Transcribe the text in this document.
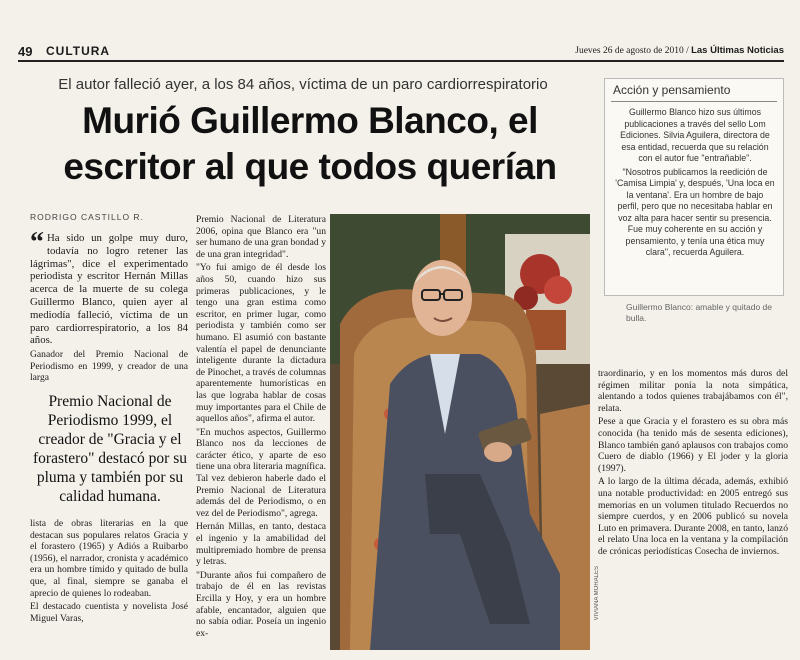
49 CULTURA	Jueves 26 de agosto de 2010 / Las Últimas Noticias
El autor falleció ayer, a los 84 años, víctima de un paro cardiorrespiratorio
Murió Guillermo Blanco, el escritor al que todos querían
Acción y pensamiento

Guillermo Blanco hizo sus últimos publicaciones a través del sello Lom Ediciones. Silvia Aguilera, directora de esa entidad, recuerda que su relación con el autor fue "entrañable".

"Nosotros publicamos la reedición de 'Camisa Limpia' y, después, 'Una loca en la ventana'. Era un hombre de bajo perfil, pero que no necesitaba hablar en voz alta para hacer sentir su presencia. Fue muy coherente en su acción y pensamiento, y tenía una ética muy clara", recuerda Aguilera.

RODRIGO CASTILLO R.

“ Ha sido un golpe muy duro, todavía no logro retener las lágrimas", dice el experimentado periodista y escritor Hernán Millas acerca de la muerte de su colega Guillermo Blanco, quien ayer al mediodía falleció, víctima de un paro cardiorrespiratorio, a los 84 años.

Ganador del Premio Nacional de Periodismo en 1999, y creador de una larga

Premio Nacional de Periodismo 1999, el creador de "Gracia y el forastero" destacó por su pluma y también por su calidad humana.

lista de obras literarias en la que destacan sus populares relatos Gracia y el forastero (1965) y Adiós a Ruibarbo (1956), el narrador, cronista y académico era un hombre tímido y quitado de bulla que, al final, siempre se ganaba el aprecio de quienes lo rodeaban.

El destacado cuentista y novelista José Miguel Varas,

Premio Nacional de Literatura 2006, opina que Blanco era "un ser humano de una gran bondad y de una gran integridad".

"Yo fui amigo de él desde los años 50, cuando hizo sus primeras publicaciones, y le tengo una gran estima como escritor, en primer lugar, como periodista y también como ser humano. El asumió con bastante valentía el papel de denunciante inteligente durante la dictadura de Pinochet, a través de columnas aparentemente humorísticas en las que lograba hablar de cosas muy importantes para el Chile de aquellos años", afirma el autor.

"En muchos aspectos, Guillermo Blanco nos da lecciones de carácter ético, y aparte de eso tiene una obra literaria magnífica. Tal vez debieron haberle dado el Premio Nacional de Literatura además del de Periodismo, o en vez del de Periodismo", agrega.

Hernán Millas, en tanto, destaca el ingenio y la amabilidad del multipremiado hombre de prensa y letras.

"Durante años fui compañero de trabajo de él en las revistas Ercilla y Hoy, y era un hombre afable, encantador, alguien que no sabía odiar. Poseía un ingenio ex-

VIVIANA MORALES
Guillermo Blanco: amable y quitado de bulla.

traordinario, y en los momentos más duros del régimen militar ponía la nota simpática, alentando a todos quienes trabajábamos con él", relata.

Pese a que Gracia y el forastero es su obra más conocida (ha tenido más de sesenta ediciones), Blanco también ganó aplausos con trabajos como Cuero de diablo (1966) y El joder y la gloria (1997).

A lo largo de la última década, además, exhibió una notable productividad: en 2005 entregó sus memorias en un volumen titulado Recuerdos no siempre cuerdos, y en 2006 publicó su novela Luto en primavera. Durante 2008, en tanto, lanzó el relato Una loca en la ventana y la compilación de crónicas periodísticas Cosecha de inviernos.
